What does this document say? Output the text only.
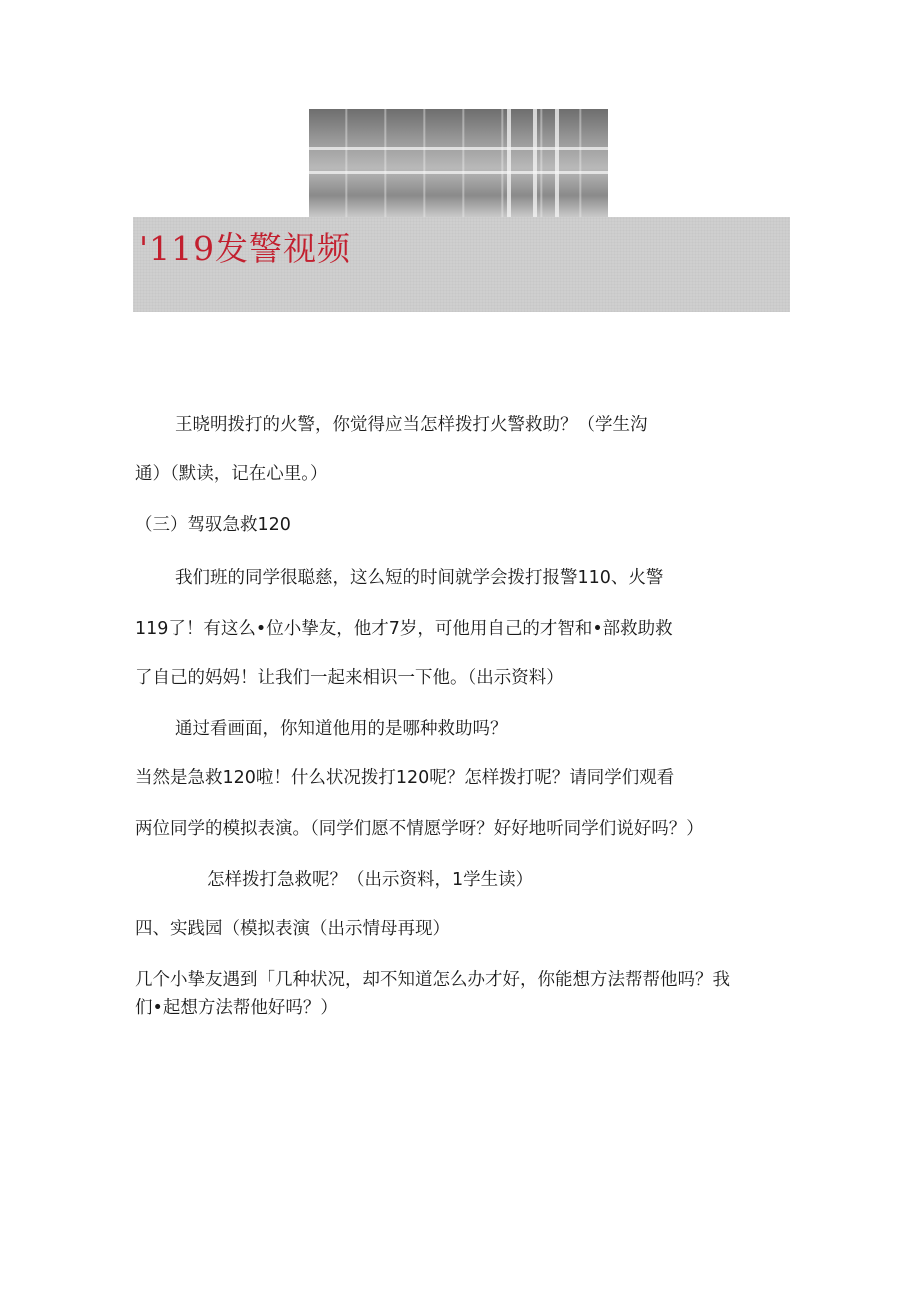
'119发警视频
王晓明拨打的火警，你觉得应当怎样拨打火警救助？（学生沟
通）（默读，记在心里。）
（三）驾驭急救120
我们班的同学很聪慈，这么短的时间就学会拨打报警110、火警
119了！有这么•位小挚友，他才7岁，可他用自己的才智和•部救助救
了自己的妈妈！让我们一起来相识一下他。（出示资料）
通过看画面，你知道他用的是哪种救助吗？
当然是急救120啦！什么状况拨打120呢？怎样拨打呢？请同学们观看
两位同学的模拟表演。（同学们愿不情愿学呀？好好地听同学们说好吗？）
怎样拨打急救呢？（出示资料，1学生读）
四、实践园（模拟表演（出示情母再现）
几个小挚友遇到「几种状况，却不知道怎么办才好，你能想方法帮帮他吗？我
们•起想方法帮他好吗？）
